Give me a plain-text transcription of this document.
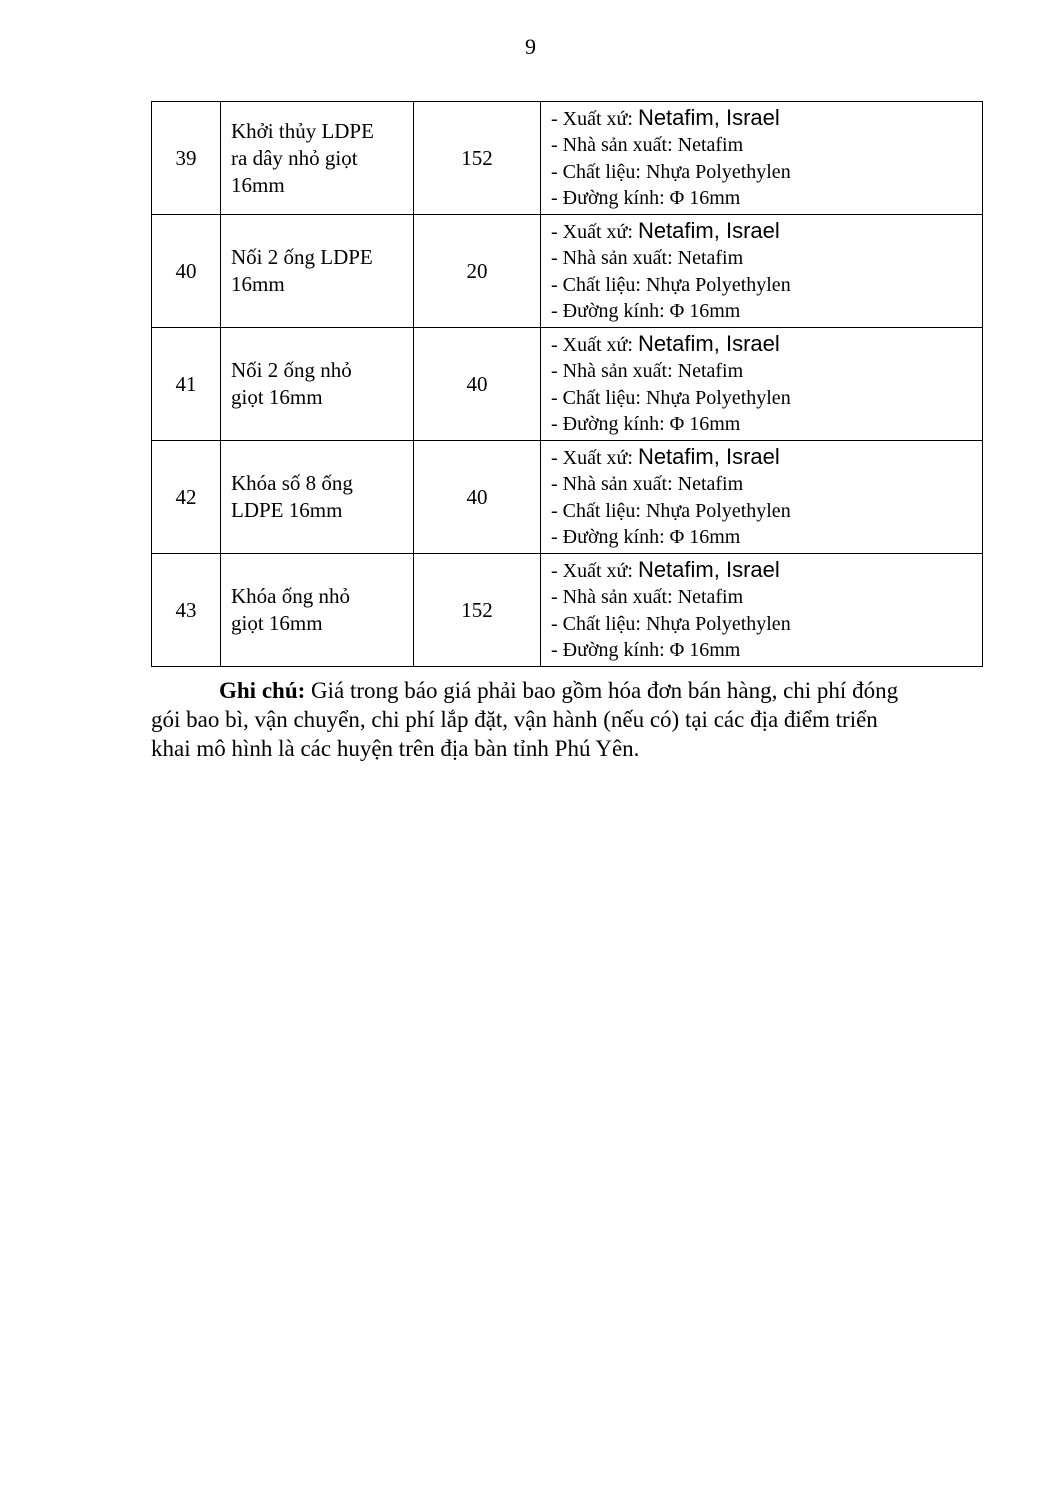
9
39	Khởi thủy LDPE
ra dây nhỏ giọt
16mm	152	- Xuất xứ: Netafim, Israel
- Nhà sản xuất: Netafim
- Chất liệu: Nhựa Polyethylen
- Đường kính: Φ 16mm

40	Nối 2 ống LDPE
16mm	20	- Xuất xứ: Netafim, Israel
- Nhà sản xuất: Netafim
- Chất liệu: Nhựa Polyethylen
- Đường kính: Φ 16mm

41	Nối 2 ống nhỏ
giọt 16mm	40	- Xuất xứ: Netafim, Israel
- Nhà sản xuất: Netafim
- Chất liệu: Nhựa Polyethylen
- Đường kính: Φ 16mm

42	Khóa số 8 ống
LDPE 16mm	40	- Xuất xứ: Netafim, Israel
- Nhà sản xuất: Netafim
- Chất liệu: Nhựa Polyethylen
- Đường kính: Φ 16mm

43	Khóa ống nhỏ
giọt 16mm	152	- Xuất xứ: Netafim, Israel
- Nhà sản xuất: Netafim
- Chất liệu: Nhựa Polyethylen
- Đường kính: Φ 16mm
Ghi chú: Giá trong báo giá phải bao gồm hóa đơn bán hàng, chi phí đóng
gói bao bì, vận chuyển, chi phí lắp đặt, vận hành (nếu có) tại các địa điểm triển
khai mô hình là các huyện trên địa bàn tỉnh Phú Yên.
